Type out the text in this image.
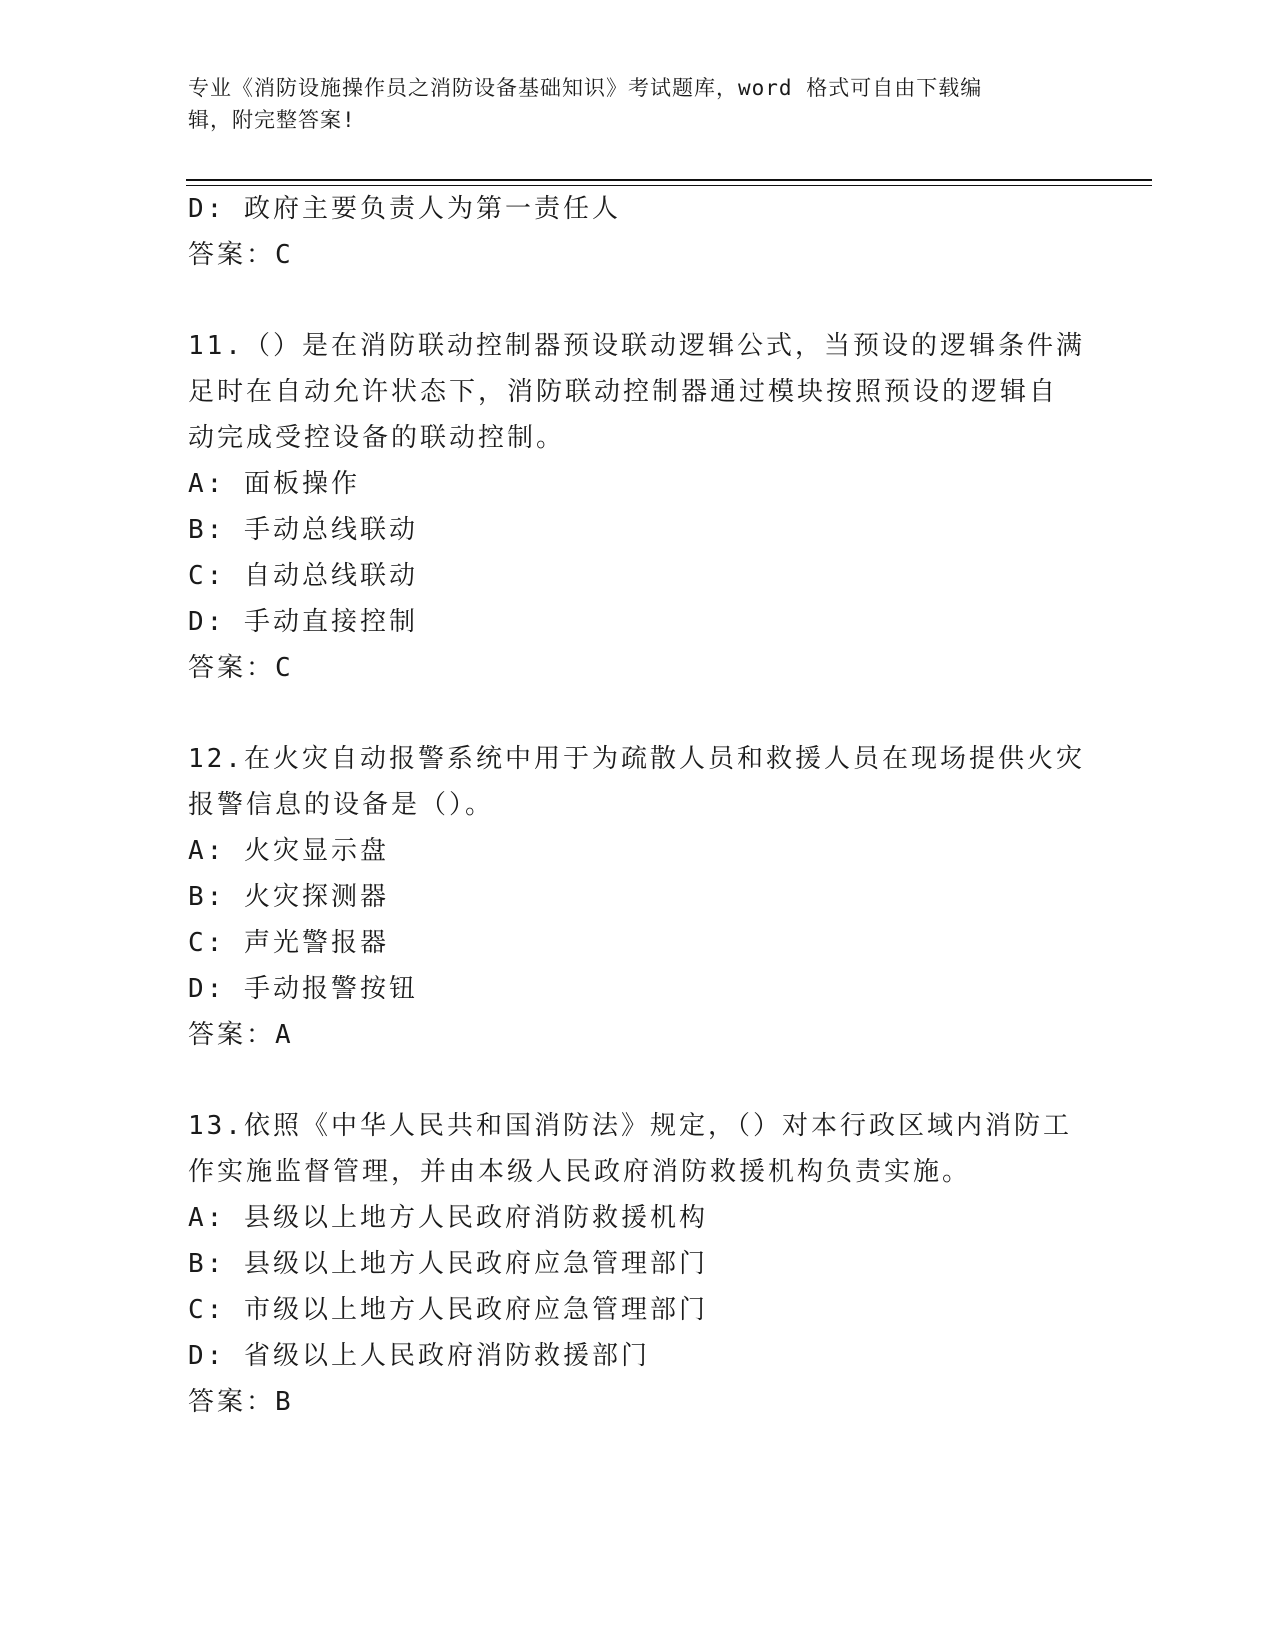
专业《消防设施操作员之消防设备基础知识》考试题库，word 格式可自由下载编
辑，附完整答案!
D: 政府主要负责人为第一责任人
答案：C
11.（）是在消防联动控制器预设联动逻辑公式，当预设的逻辑条件满
足时在自动允许状态下，消防联动控制器通过模块按照预设的逻辑自
动完成受控设备的联动控制。
A: 面板操作
B: 手动总线联动
C: 自动总线联动
D: 手动直接控制
答案：C
12.在火灾自动报警系统中用于为疏散人员和救援人员在现场提供火灾
报警信息的设备是（）。
A: 火灾显示盘
B: 火灾探测器
C: 声光警报器
D: 手动报警按钮
答案：A
13.依照《中华人民共和国消防法》规定，（）对本行政区域内消防工
作实施监督管理，并由本级人民政府消防救援机构负责实施。
A: 县级以上地方人民政府消防救援机构
B: 县级以上地方人民政府应急管理部门
C: 市级以上地方人民政府应急管理部门
D: 省级以上人民政府消防救援部门
答案：B
